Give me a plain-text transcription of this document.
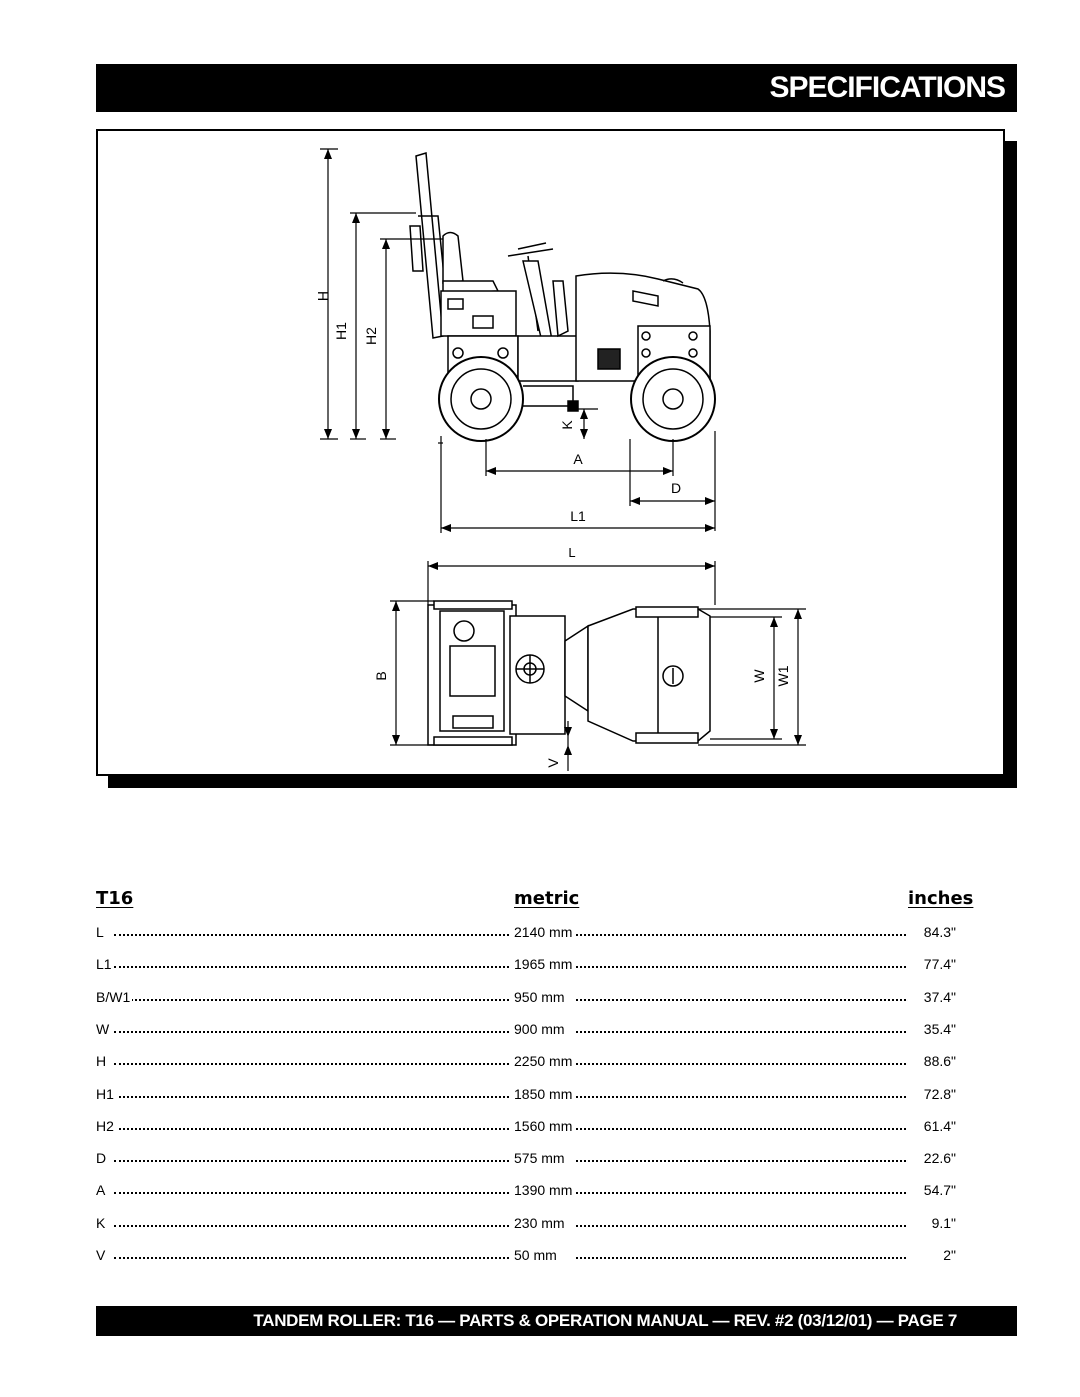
SPECIFICATIONS
H
H1 H2
K
A
D
L1
L
B	W W1
V
T16	metric	inches
L	2140 mm	84.3"
L1	1965 mm	77.4"
B/W1	950 mm	37.4"
W	900 mm	35.4"
H	2250 mm	88.6"
H1	1850 mm	72.8"
H2	1560 mm	61.4"
D	575 mm	22.6"
A	1390 mm	54.7"
K	230 mm	9.1"
V	50 mm	2"
TANDEM ROLLER: T16 — PARTS & OPERATION MANUAL — REV. #2 (03/12/01) — PAGE 7
